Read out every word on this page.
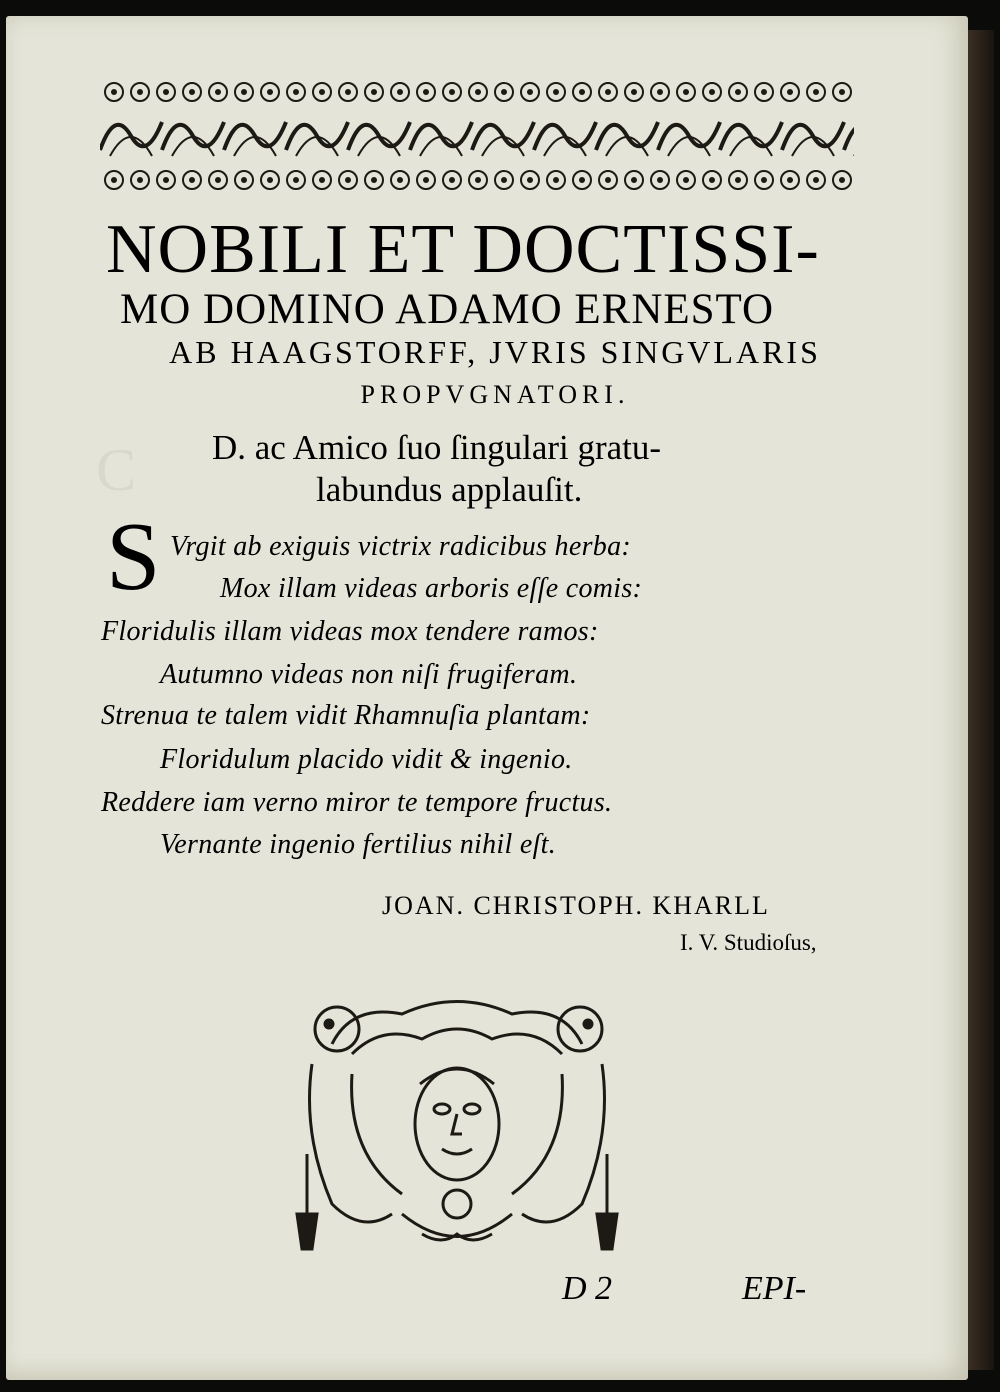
C
NOBILI ET DOCTISSI-
MO DOMINO ADAMO ERNESTO
AB HAAGSTORFF, JVRIS SINGVLARIS
PROPVGNATORI.
D. ac Amico ſuo ſingulari gratu-
labundus applauſit.
S Vrgit ab exiguis victrix radicibus herba:
Mox illam videas arboris eſſe comis:
Floridulis illam videas mox tendere ramos:
Autumno videas non niſi frugiferam.
Strenua te talem vidit Rhamnuſia plantam:
Floridulum placido vidit & ingenio.
Reddere iam verno miror te tempore fructus.
Vernante ingenio fertilius nihil eſt.
JOAN. CHRISTOPH. KHARLL
I. V. Studioſus,
D 2	EPI-
